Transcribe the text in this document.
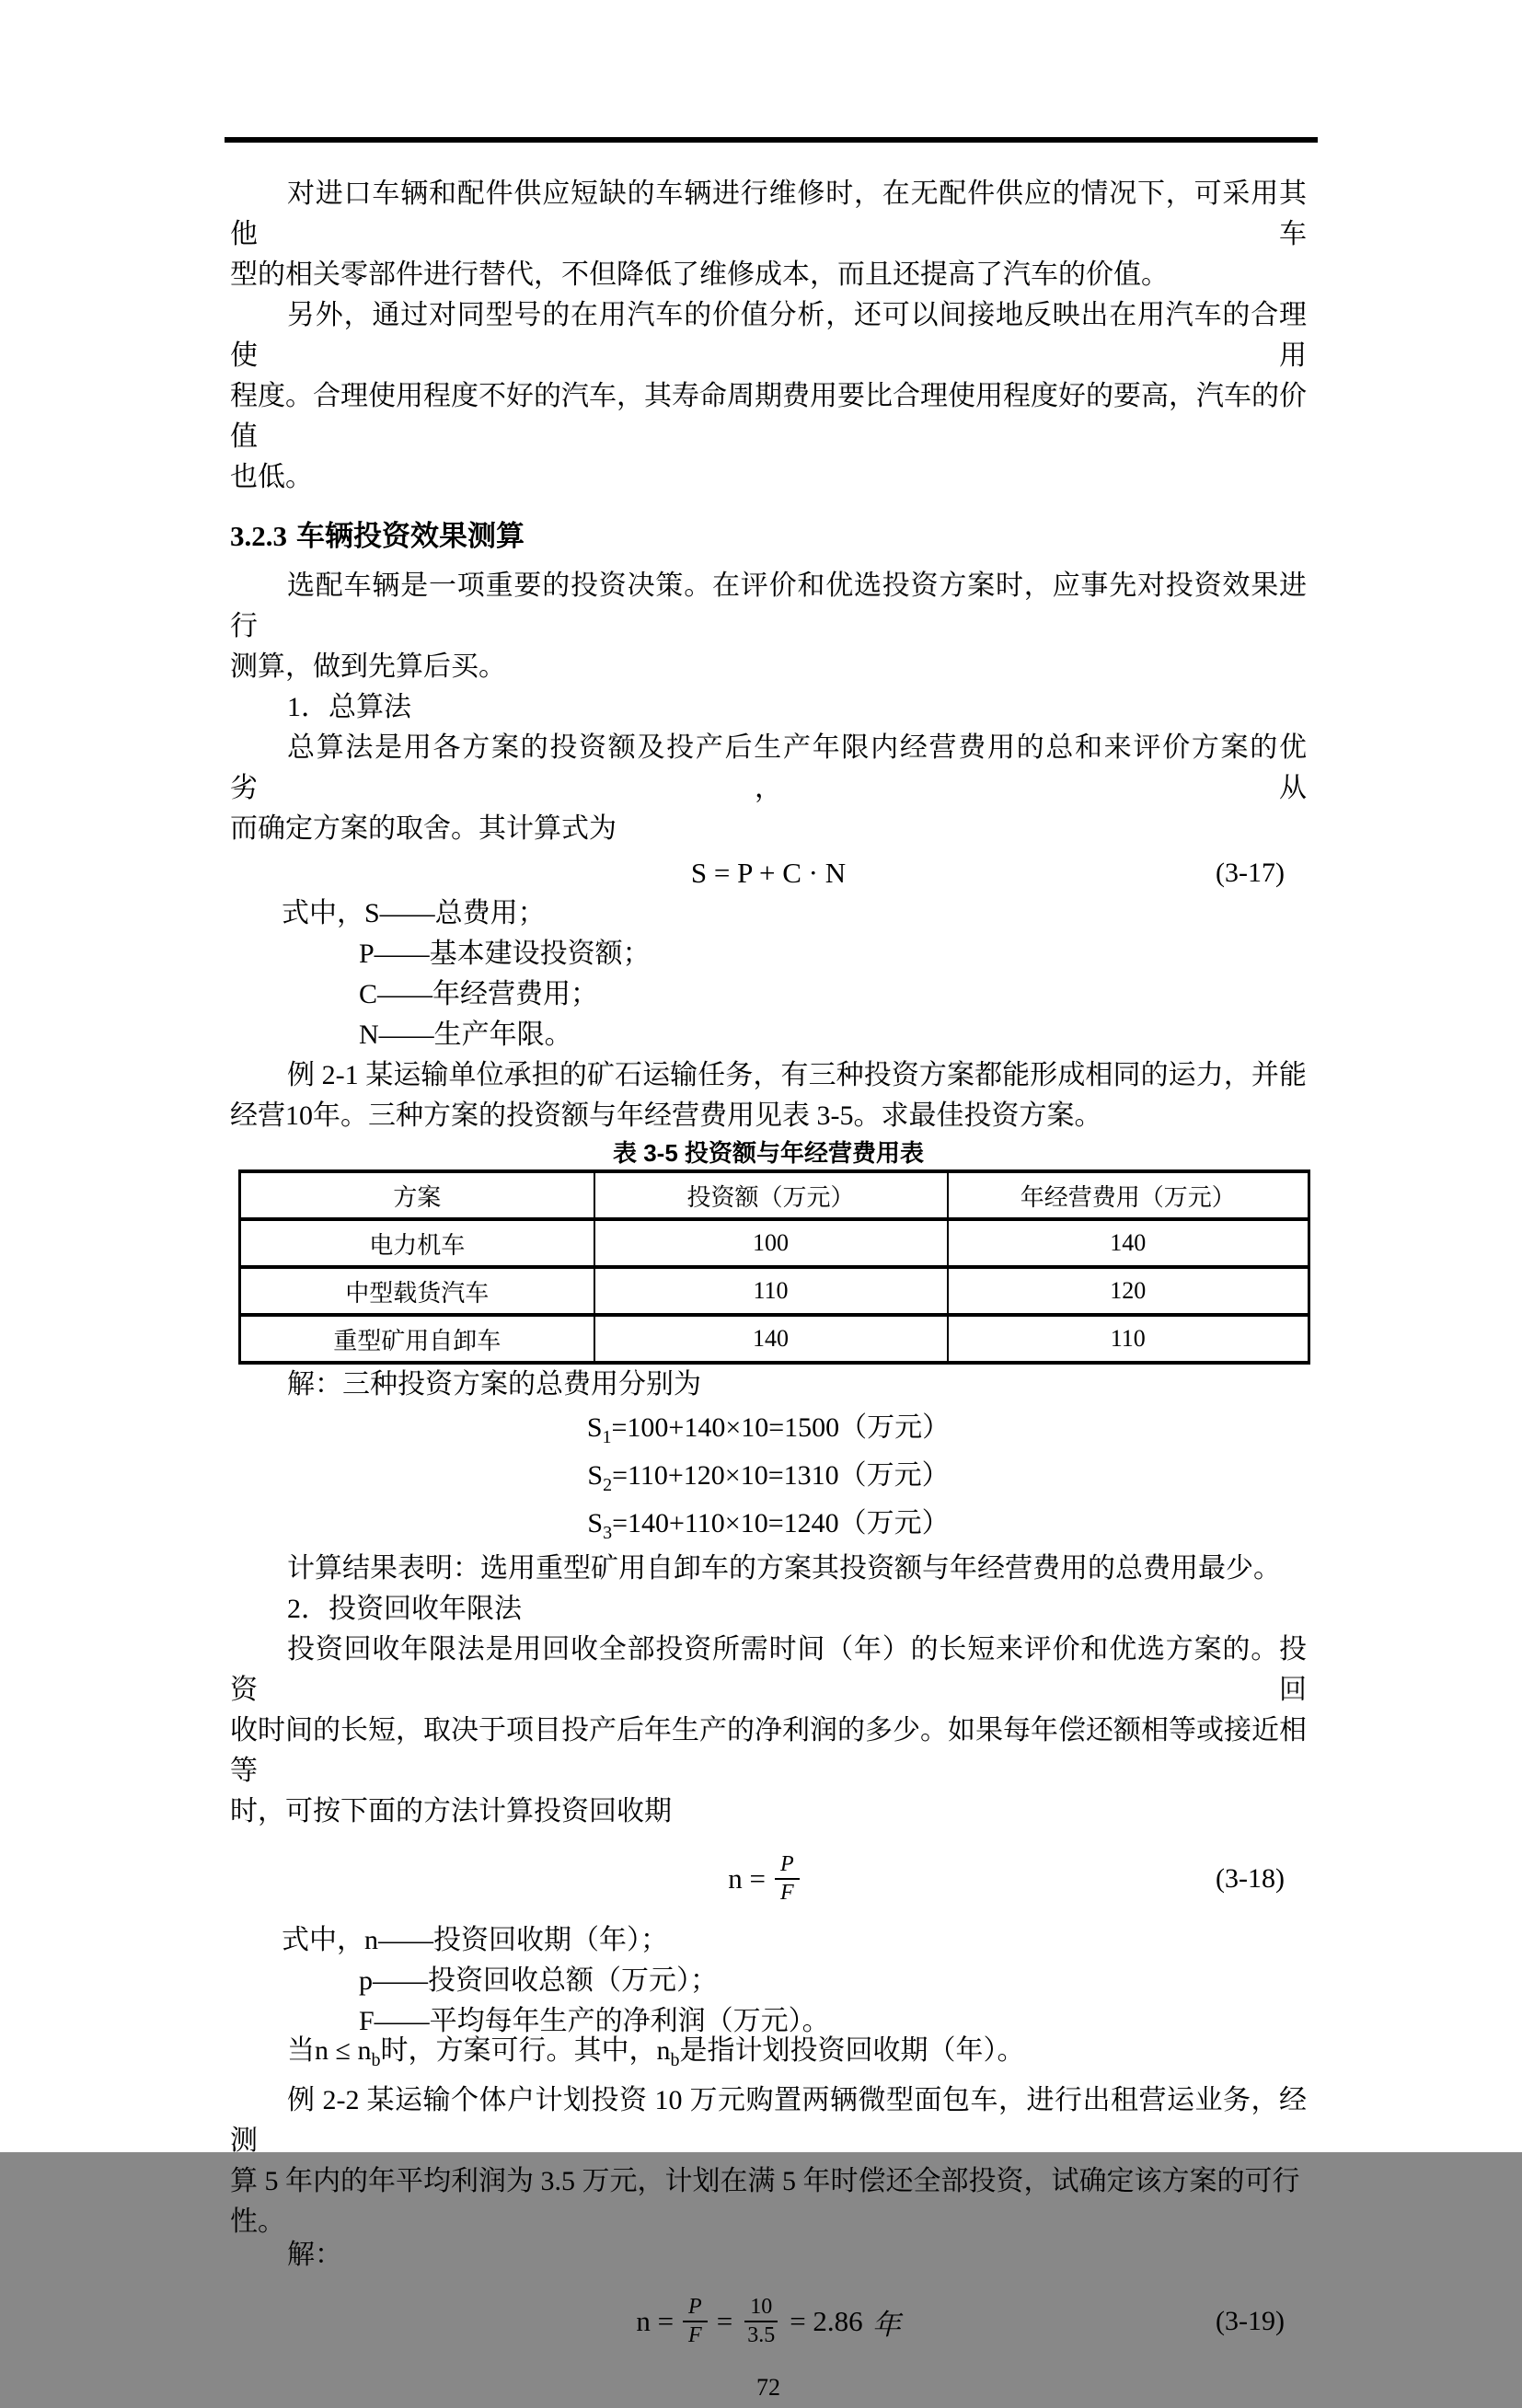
对进口车辆和配件供应短缺的车辆进行维修时，在无配件供应的情况下，可采用其他车
型的相关零部件进行替代，不但降低了维修成本，而且还提高了汽车的价值。
另外，通过对同型号的在用汽车的价值分析，还可以间接地反映出在用汽车的合理使用
程度。合理使用程度不好的汽车，其寿命周期费用要比合理使用程度好的要高，汽车的价值
也低。
3.2.3 车辆投资效果测算
选配车辆是一项重要的投资决策。在评价和优选投资方案时，应事先对投资效果进行
测算，做到先算后买。
1．总算法
总算法是用各方案的投资额及投产后生产年限内经营费用的总和来评价方案的优劣，从
而确定方案的取舍。其计算式为
S = P + C · N	(3-17)
式中，S——总费用；
P——基本建设投资额；
C——年经营费用；
N——生产年限。
例 2-1 某运输单位承担的矿石运输任务，有三种投资方案都能形成相同的运力，并能
经营10年。三种方案的投资额与年经营费用见表 3-5。求最佳投资方案。
表 3-5 投资额与年经营费用表
方案	投资额（万元）	年经营费用（万元）
电力机车	100	140
中型载货汽车	110	120
重型矿用自卸车	140	110
解：三种投资方案的总费用分别为
$S_1=100+140\times 10=1500$（万元）
$S_2=110+120\times 10=1310$（万元）
$S_3=140+110\times 10=1240$（万元）
计算结果表明：选用重型矿用自卸车的方案其投资额与年经营费用的总费用最少。
2．投资回收年限法
投资回收年限法是用回收全部投资所需时间（年）的长短来评价和优选方案的。投资回
收时间的长短，取决于项目投产后年生产的净利润的多少。如果每年偿还额相等或接近相等
时，可按下面的方法计算投资回收期
$n = \frac{P}{F}$	(3-18)
式中，n——投资回收期（年）；
p——投资回收总额（万元）；
F——平均每年生产的净利润（万元）。
当$n \le n_b$时，方案可行。其中，$n_b$是指计划投资回收期（年）。
例 2-2 某运输个体户计划投资 10 万元购置两辆微型面包车，进行出租营运业务，经测
算 5 年内的年平均利润为 3.5 万元，计划在满 5 年时偿还全部投资，试确定该方案的可行性。
解：
$n = \frac{P}{F} = \frac{10}{3.5} = 2.86$ 年	(3-19)
72
